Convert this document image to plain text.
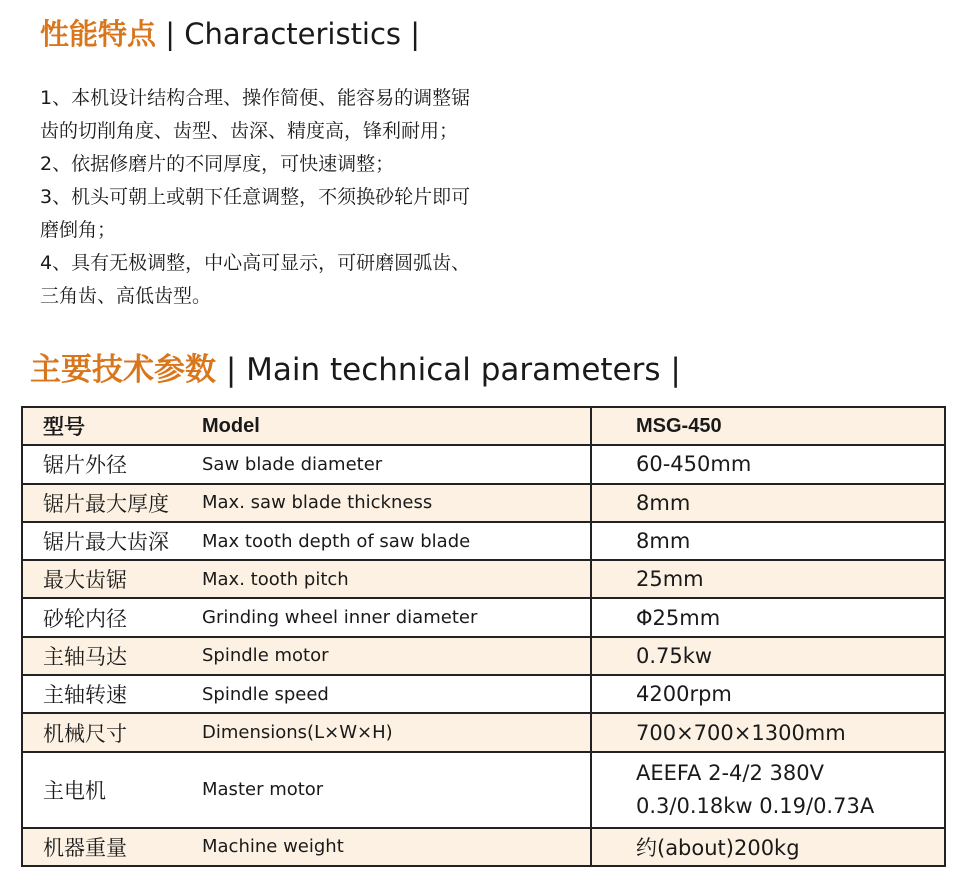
性能特点 | Characteristics |
1、本机设计结构合理、操作简便、能容易的调整锯
齿的切削角度、齿型、齿深、精度高，锋利耐用；
2、依据修磨片的不同厚度，可快速调整；
3、机头可朝上或朝下任意调整，不须换砂轮片即可
磨倒角；
4、具有无极调整，中心高可显示，可研磨圆弧齿、
三角齿、高低齿型。
主要技术参数 | Main technical parameters |
型号	Model	MSG-450
锯片外径	Saw blade diameter	60-450mm
锯片最大厚度	Max. saw blade thickness	8mm
锯片最大齿深	Max tooth depth of saw blade	8mm
最大齿锯	Max. tooth pitch	25mm
砂轮内径	Grinding wheel inner diameter	Φ25mm
主轴马达	Spindle motor	0.75kw
主轴转速	Spindle speed	4200rpm
机械尺寸	Dimensions(L×W×H)	700×700×1300mm
主电机	Master motor	AEEFA 2-4/2 380V
0.3/0.18kw 0.19/0.73A

机器重量	Machine weight	约(about)200kg
